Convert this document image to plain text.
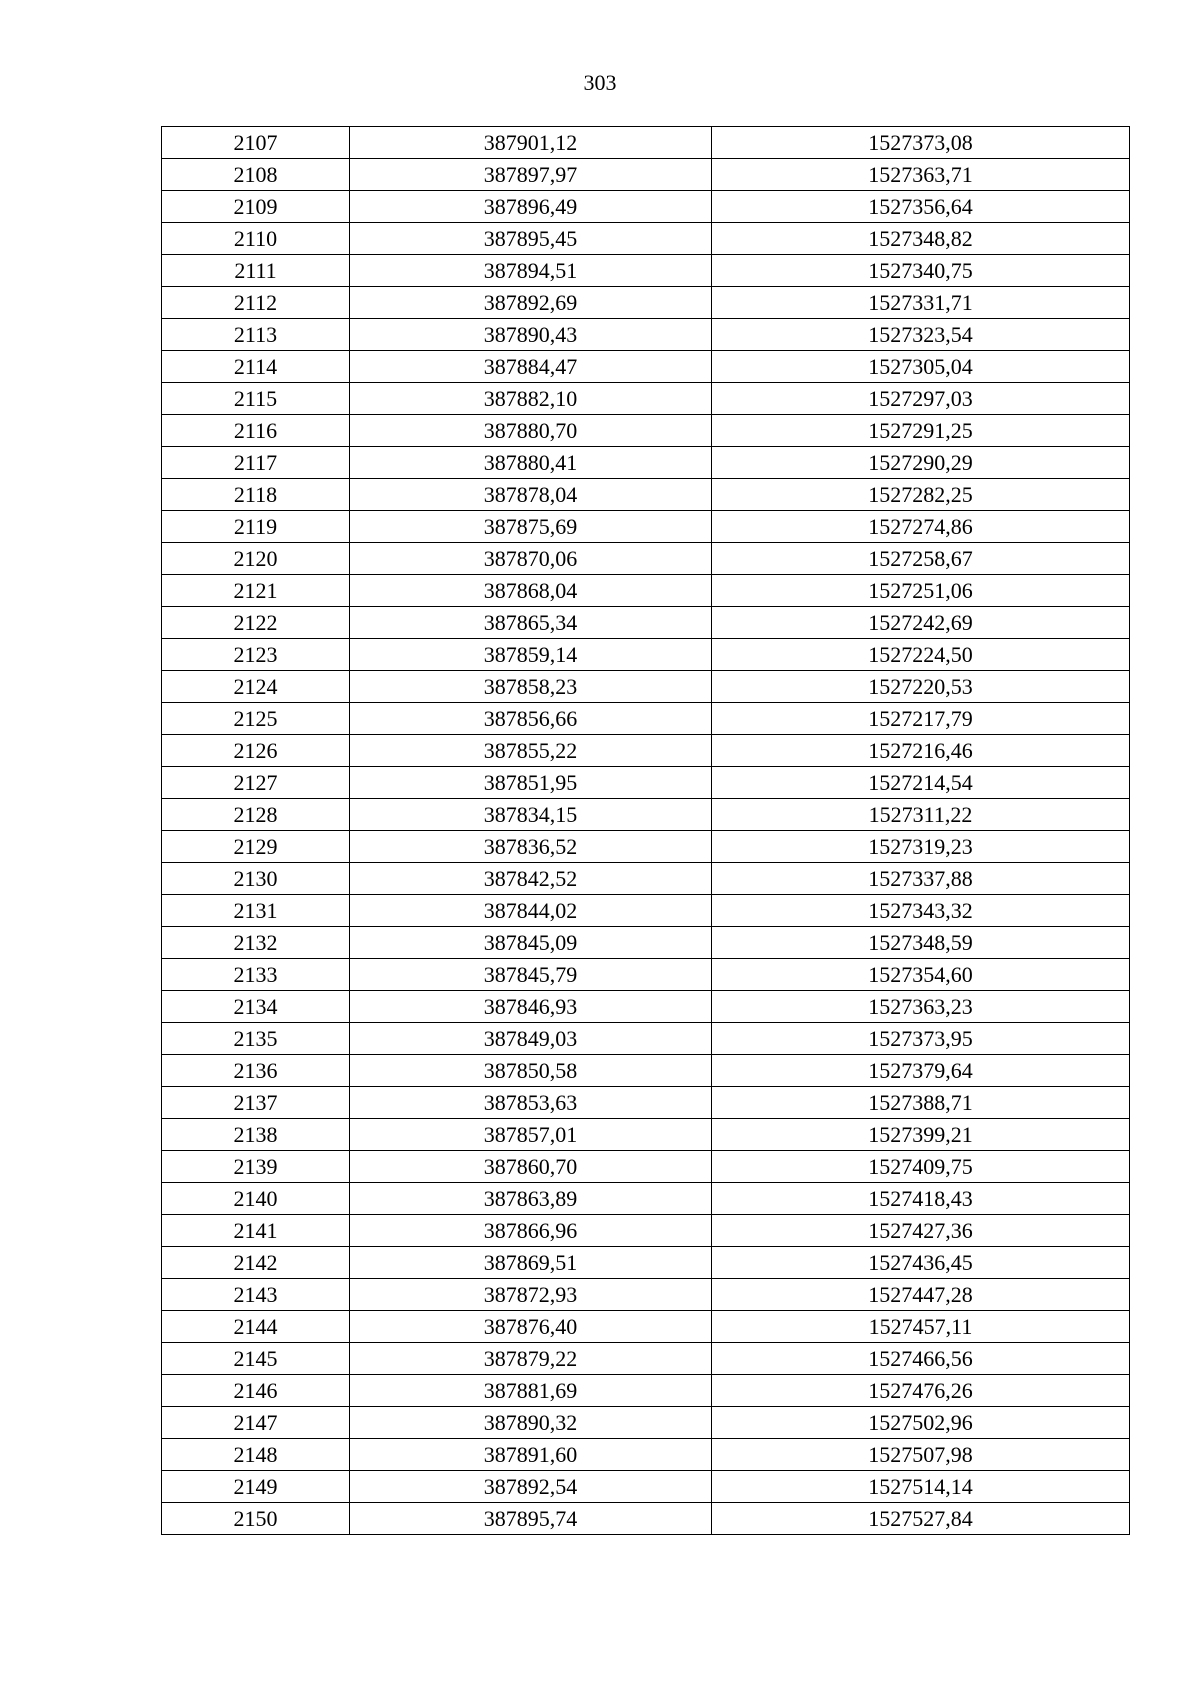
303
2107	387901,12	1527373,08
2108	387897,97	1527363,71
2109	387896,49	1527356,64
2110	387895,45	1527348,82
2111	387894,51	1527340,75
2112	387892,69	1527331,71
2113	387890,43	1527323,54
2114	387884,47	1527305,04
2115	387882,10	1527297,03
2116	387880,70	1527291,25
2117	387880,41	1527290,29
2118	387878,04	1527282,25
2119	387875,69	1527274,86
2120	387870,06	1527258,67
2121	387868,04	1527251,06
2122	387865,34	1527242,69
2123	387859,14	1527224,50
2124	387858,23	1527220,53
2125	387856,66	1527217,79
2126	387855,22	1527216,46
2127	387851,95	1527214,54
2128	387834,15	1527311,22
2129	387836,52	1527319,23
2130	387842,52	1527337,88
2131	387844,02	1527343,32
2132	387845,09	1527348,59
2133	387845,79	1527354,60
2134	387846,93	1527363,23
2135	387849,03	1527373,95
2136	387850,58	1527379,64
2137	387853,63	1527388,71
2138	387857,01	1527399,21
2139	387860,70	1527409,75
2140	387863,89	1527418,43
2141	387866,96	1527427,36
2142	387869,51	1527436,45
2143	387872,93	1527447,28
2144	387876,40	1527457,11
2145	387879,22	1527466,56
2146	387881,69	1527476,26
2147	387890,32	1527502,96
2148	387891,60	1527507,98
2149	387892,54	1527514,14
2150	387895,74	1527527,84
